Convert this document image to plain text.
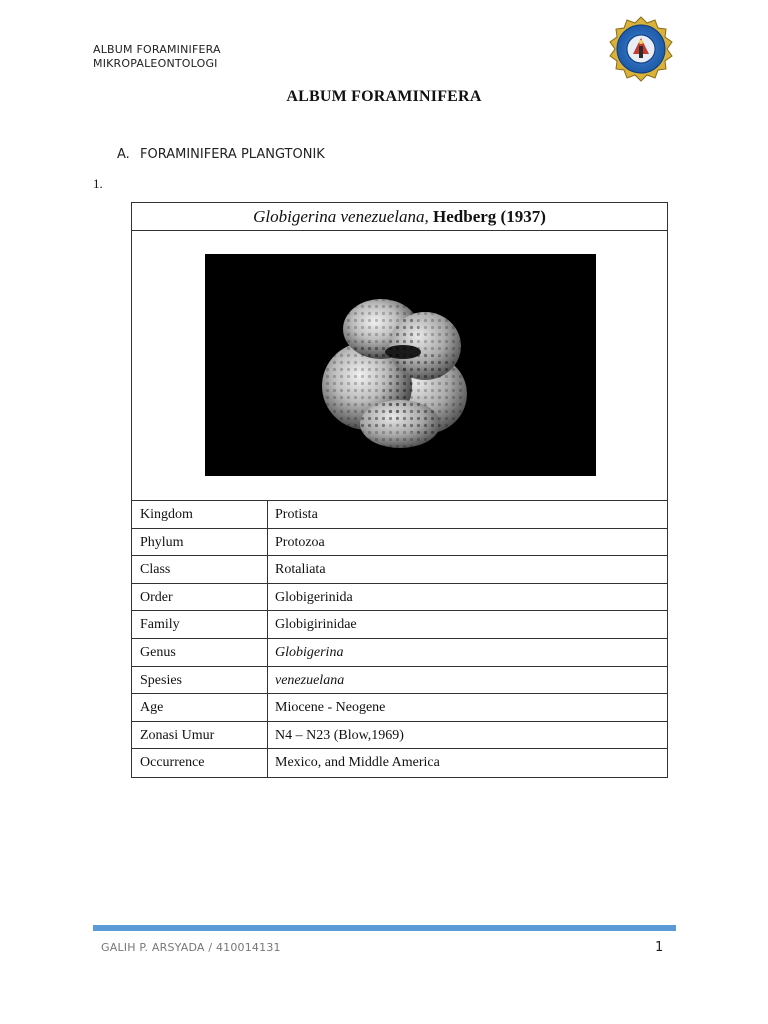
ALBUM FORAMINIFERA
MIKROPALEONTOLOGI
ALBUM FORAMINIFERA
A. FORAMINIFERA PLANGTONIK
1.
Globigerina venezuelana, Hedberg (1937)
Kingdom	Protista
Phylum	Protozoa
Class	Rotaliata
Order	Globigerinida
Family	Globigirinidae
Genus	Globigerina
Spesies	venezuelana
Age	Miocene - Neogene
Zonasi Umur	N4 – N23 (Blow,1969)
Occurrence	Mexico, and Middle America
GALIH P. ARSYADA / 410014131	1
